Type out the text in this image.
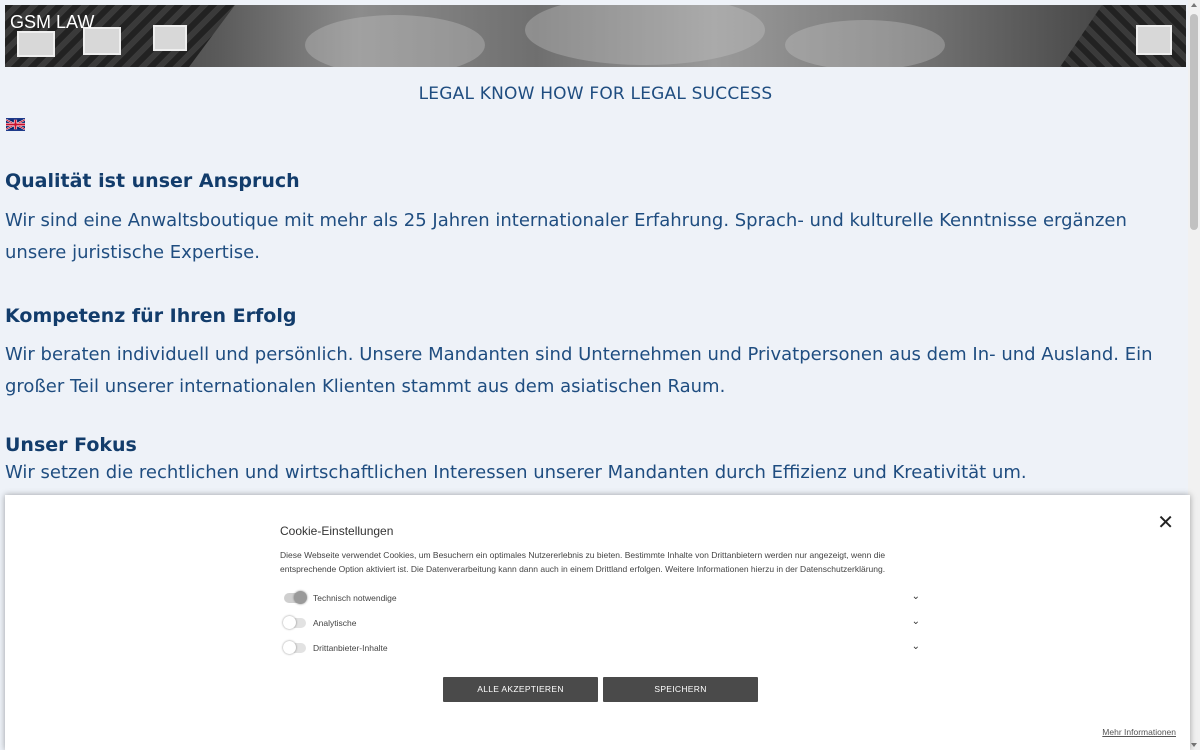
GSM LAW
LEGAL KNOW HOW FOR LEGAL SUCCESS
Qualität ist unser Anspruch
Wir sind eine Anwaltsboutique mit mehr als 25 Jahren internationaler Erfahrung. Sprach- und kulturelle Kenntnisse ergänzen unsere juristische Expertise.
Kompetenz für Ihren Erfolg
Wir beraten individuell und persönlich. Unsere Mandanten sind Unternehmen und Privatpersonen aus dem In- und Ausland. Ein großer Teil unserer internationalen Klienten stammt aus dem asiatischen Raum.
Unser Fokus
Wir setzen die rechtlichen und wirtschaftlichen Interessen unserer Mandanten durch Effizienz und Kreativität um.
✕
Cookie-Einstellungen
Diese Webseite verwendet Cookies, um Besuchern ein optimales Nutzererlebnis zu bieten. Bestimmte Inhalte von Drittanbietern werden nur angezeigt, wenn die entsprechende Option aktiviert ist. Die Datenverarbeitung kann dann auch in einem Drittland erfolgen. Weitere Informationen hierzu in der Datenschutzerklärung.
Technisch notwendige	⌄
Analytische	⌄
Drittanbieter-Inhalte	⌄
ALLE AKZEPTIEREN	SPEICHERN
Mehr Informationen
